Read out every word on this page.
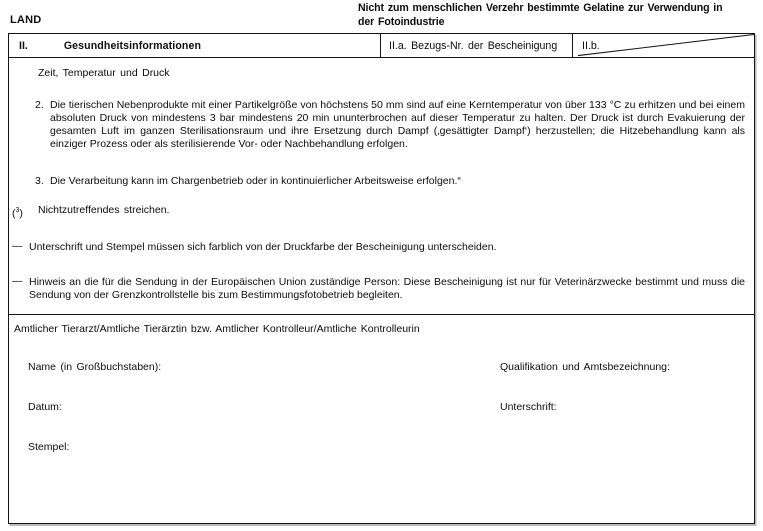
LAND
Nicht zum menschlichen Verzehr bestimmte Gelatine zur Verwendung in
der Fotoindustrie
II.	Gesundheitsinformationen	II.a. Bezugs-Nr. der Bescheinigung II.b.
Zeit, Temperatur und Druck
2. Die tierischen Nebenprodukte mit einer Partikelgröße von höchstens 50 mm sind auf eine Kerntemperatur von über 133 °C zu erhitzen und bei einem absoluten Druck von mindestens 3 bar mindestens 20 min ununterbrochen auf dieser Temperatur zu halten. Der Druck ist durch Evakuierung der gesamten Luft im ganzen Sterilisationsraum und ihre Ersetzung durch Dampf (‚gesättigter Dampf‘) herzustellen; die Hitzebehandlung kann als einziger Prozess oder als sterilisierende Vor- oder Nachbehandlung erfolgen.
3. Die Verarbeitung kann im Chargenbetrieb oder in kontinuierlicher Arbeitsweise erfolgen.“
($^3$) Nichtzutreffendes streichen.
— Unterschrift und Stempel müssen sich farblich von der Druckfarbe der Bescheinigung unterscheiden.
— Hinweis an die für die Sendung in der Europäischen Union zuständige Person: Diese Bescheinigung ist nur für Veterinärzwecke bestimmt und muss die Sendung von der Grenzkontrollstelle bis zum Bestimmungsfotobetrieb begleiten.
Amtlicher Tierarzt/Amtliche Tierärztin bzw. Amtlicher Kontrolleur/Amtliche Kontrolleurin
Name (in Großbuchstaben):	Qualifikation und Amtsbezeichnung:
Datum:	Unterschrift:
Stempel:
